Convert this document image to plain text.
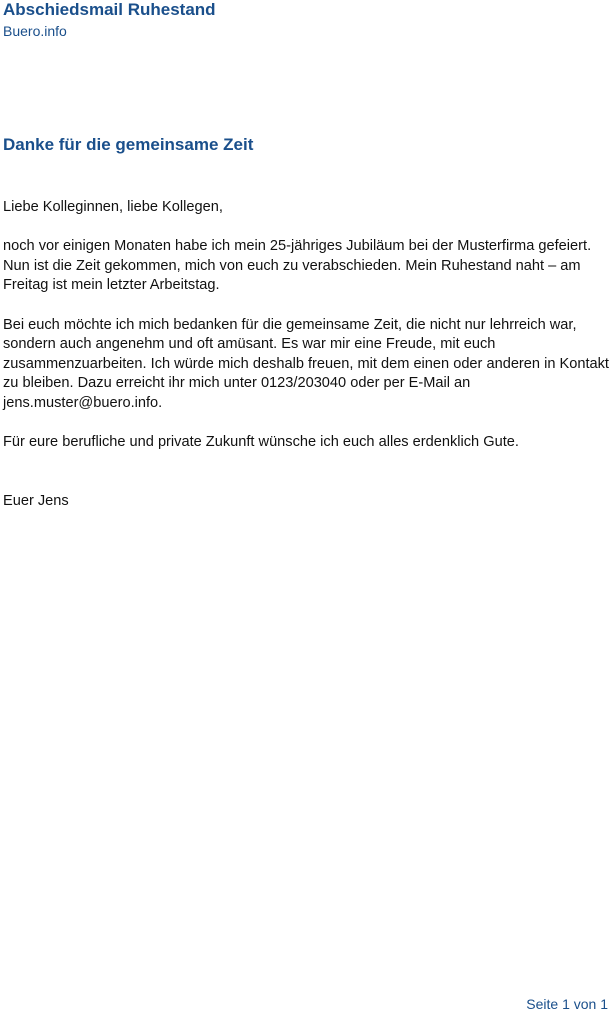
Abschiedsmail Ruhestand
Buero.info
Danke für die gemeinsame Zeit

Liebe Kolleginnen, liebe Kollegen,

noch vor einigen Monaten habe ich mein 25-jähriges Jubiläum bei der Musterfirma gefeiert. Nun ist die Zeit gekommen, mich von euch zu verabschieden. Mein Ruhestand naht – am Freitag ist mein letzter Arbeitstag.

Bei euch möchte ich mich bedanken für die gemeinsame Zeit, die nicht nur lehrreich war, sondern auch angenehm und oft amüsant. Es war mir eine Freude, mit euch zusammenzuarbeiten. Ich würde mich deshalb freuen, mit dem einen oder anderen in Kontakt zu bleiben. Dazu erreicht ihr mich unter 0123/203040 oder per E-Mail an jens.muster@buero.info.

Für eure berufliche und private Zukunft wünsche ich euch alles erdenklich Gute.

Euer Jens

Seite 1 von 1
